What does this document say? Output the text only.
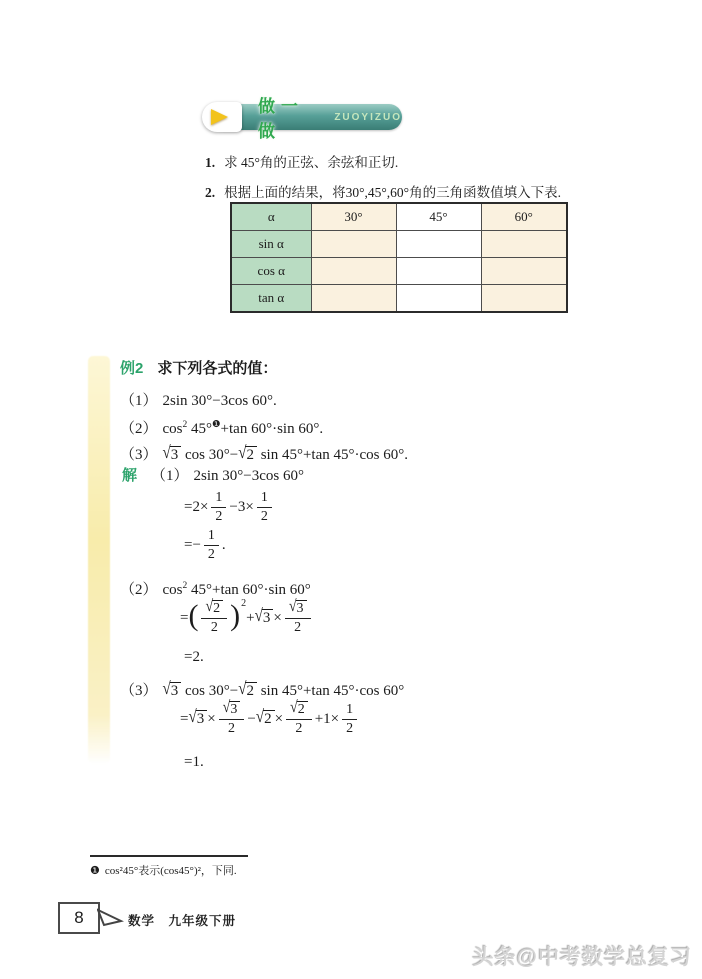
做一做
ZUOYIZUO
1. 求 45°角的正弦、余弦和正切.
2. 根据上面的结果，将30°,45°,60°角的三角函数值填入下表.
α	30°	45°	60°
sin α			
cos α			
tan α			
例2 求下列各式的值：
（1） 2sin 30°−3cos 60°.
（2） $\cos^2 45^\circ^❶+\tan$ 60°·sin 60°.
（3） √3 cos 30°−√2 sin 45°+tan 45°·cos 60°.
解 （1） 2sin 30°−3cos 60°
$=2\times \frac{1}{2} -3\times \frac{1}{2}$
=− $\frac{1}{2}$ .
（2） $\cos^2 45^\circ+\tan$ 60°·sin 60°
=( $\frac{√2}{2} )^2+√3 \times \frac{√3}{2}$
=2.
（3） √3 cos 30°−√2 sin 45°+tan 45°·cos 60°
$=√3 \times \frac{√3}{2} -√2 \times \frac{√2}{2} +1\times \frac{1}{2}$
=1.
❶ cos²45°表示(cos45°)²，下同.
8	数学　九年级下册
头条@中考数学总复习
